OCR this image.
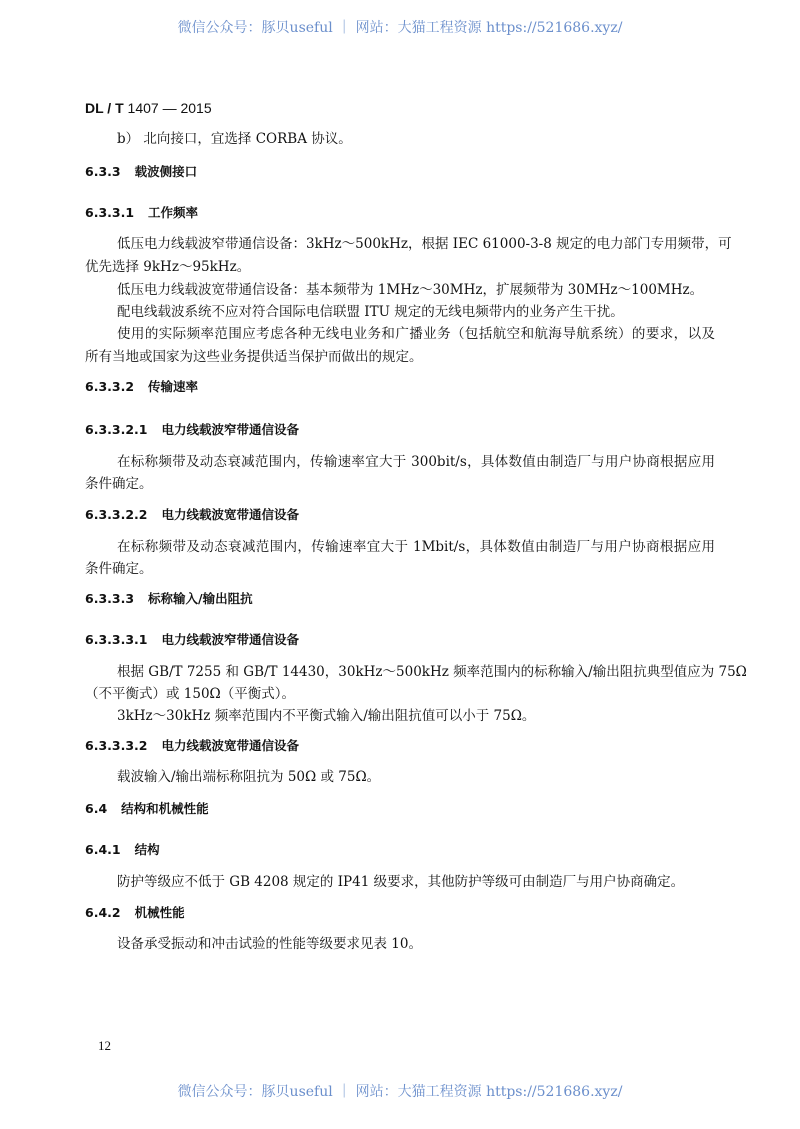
微信公众号：豚贝useful ｜ 网站：大猫工程资源 https://521686.xyz/
DL / T 1407 — 2015
b） 北向接口，宜选择 CORBA 协议。
6.3.3 载波侧接口
6.3.3.1 工作频率
低压电力线载波窄带通信设备：3kHz～500kHz，根据 IEC 61000-3-8 规定的电力部门专用频带，可
优先选择 9kHz～95kHz。
低压电力线载波宽带通信设备：基本频带为 1MHz～30MHz，扩展频带为 30MHz～100MHz。
配电线载波系统不应对符合国际电信联盟 ITU 规定的无线电频带内的业务产生干扰。
使用的实际频率范围应考虑各种无线电业务和广播业务（包括航空和航海导航系统）的要求，以及
所有当地或国家为这些业务提供适当保护而做出的规定。
6.3.3.2 传输速率
6.3.3.2.1 电力线载波窄带通信设备
在标称频带及动态衰减范围内，传输速率宜大于 300bit/s，具体数值由制造厂与用户协商根据应用
条件确定。
6.3.3.2.2 电力线载波宽带通信设备
在标称频带及动态衰减范围内，传输速率宜大于 1Mbit/s，具体数值由制造厂与用户协商根据应用
条件确定。
6.3.3.3 标称输入/输出阻抗
6.3.3.3.1 电力线载波窄带通信设备
根据 GB/T 7255 和 GB/T 14430，30kHz～500kHz 频率范围内的标称输入/输出阻抗典型值应为 75Ω
（不平衡式）或 150Ω（平衡式）。
3kHz～30kHz 频率范围内不平衡式输入/输出阻抗值可以小于 75Ω。
6.3.3.3.2 电力线载波宽带通信设备
载波输入/输出端标称阻抗为 50Ω 或 75Ω。
6.4 结构和机械性能
6.4.1 结构
防护等级应不低于 GB 4208 规定的 IP41 级要求，其他防护等级可由制造厂与用户协商确定。
6.4.2 机械性能
设备承受振动和冲击试验的性能等级要求见表 10。
12
微信公众号：豚贝useful ｜ 网站：大猫工程资源 https://521686.xyz/
